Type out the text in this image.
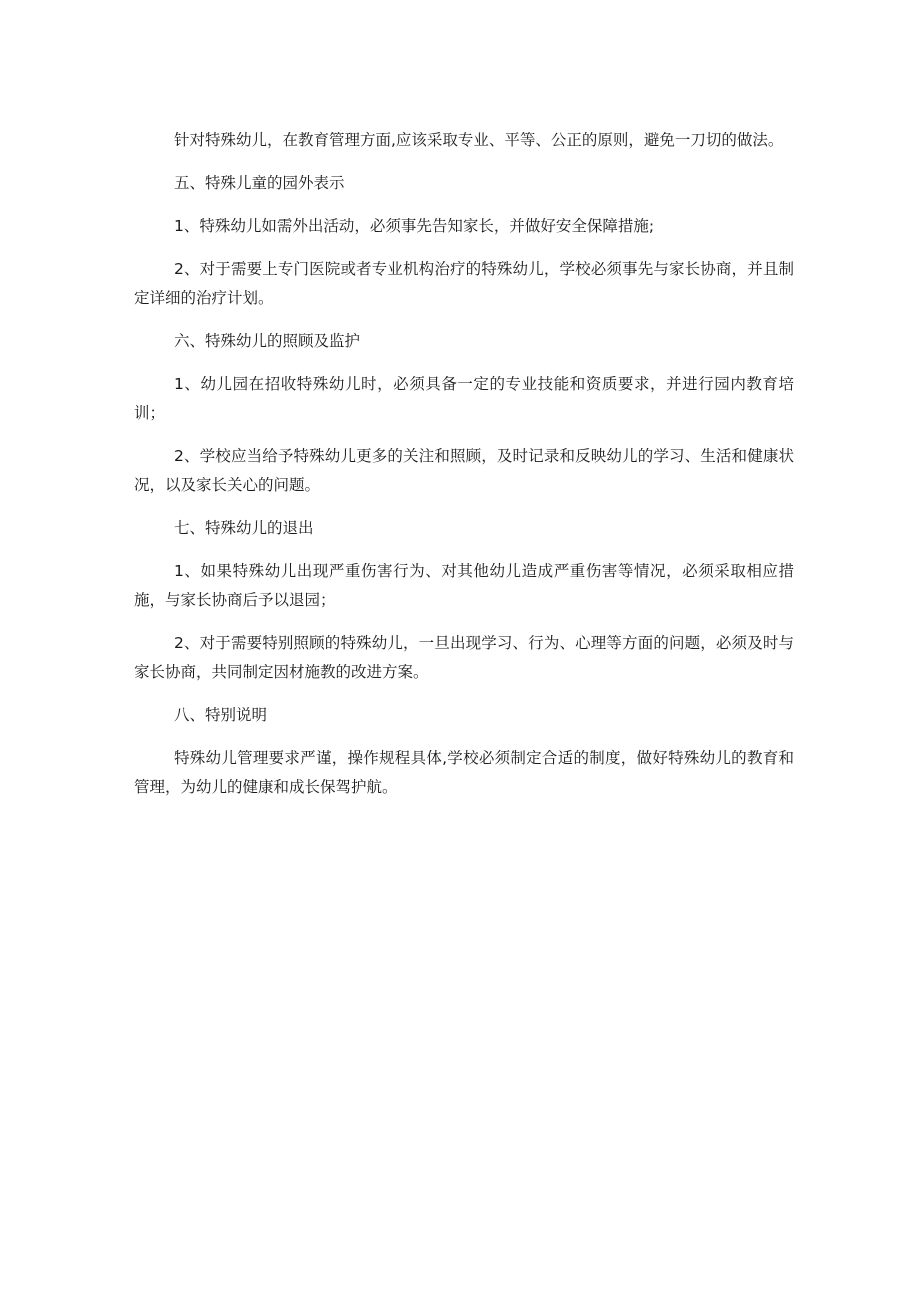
针对特殊幼儿，在教育管理方面,应该采取专业、平等、公正的原则，避免一刀切的做法。

五、特殊儿童的园外表示

1、特殊幼儿如需外出活动，必须事先告知家长，并做好安全保障措施;

2、对于需要上专门医院或者专业机构治疗的特殊幼儿，学校必须事先与家长协商，并且制定详细的治疗计划。

六、特殊幼儿的照顾及监护

1、幼儿园在招收特殊幼儿时，必须具备一定的专业技能和资质要求，并进行园内教育培训；

2、学校应当给予特殊幼儿更多的关注和照顾，及时记录和反映幼儿的学习、生活和健康状况，以及家长关心的问题。

七、特殊幼儿的退出

1、如果特殊幼儿出现严重伤害行为、对其他幼儿造成严重伤害等情况，必须采取相应措施，与家长协商后予以退园；

2、对于需要特别照顾的特殊幼儿，一旦出现学习、行为、心理等方面的问题，必须及时与家长协商，共同制定因材施教的改进方案。

八、特别说明

特殊幼儿管理要求严谨，操作规程具体,学校必须制定合适的制度，做好特殊幼儿的教育和管理，为幼儿的健康和成长保驾护航。
